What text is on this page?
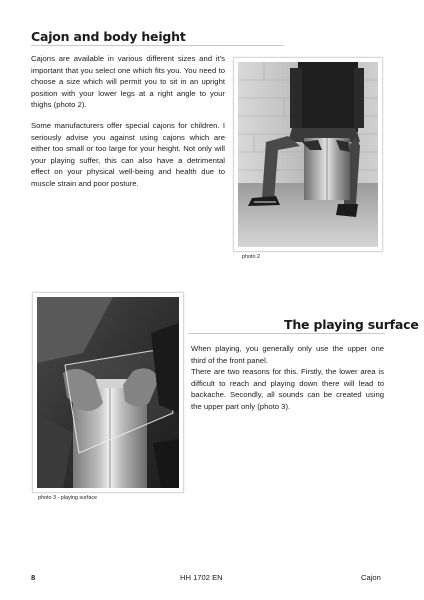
Cajon and body height

Cajons are available in various different sizes and it's important that you select one which fits you. You need to choose a size which will permit you to sit in an upright position with your lower legs at a right angle to your thighs (photo 2).

Some manufacturers offer special cajons for children. I seriously advise you against using cajons which are either too small or too large for your height. Not only will your playing suffer, this can also have a detrimental effect on your physical well-being and health due to muscle strain and poor posture.

photo 2
photo 3 - playing surface
The playing surface

When playing, you generally only use the upper one third of the front panel.

There are two reasons for this. Firstly, the lower area is difficult to reach and playing down there will lead to backache. Secondly, all sounds can be created using the upper part only (photo 3).

8	HH 1702 EN	Cajon
